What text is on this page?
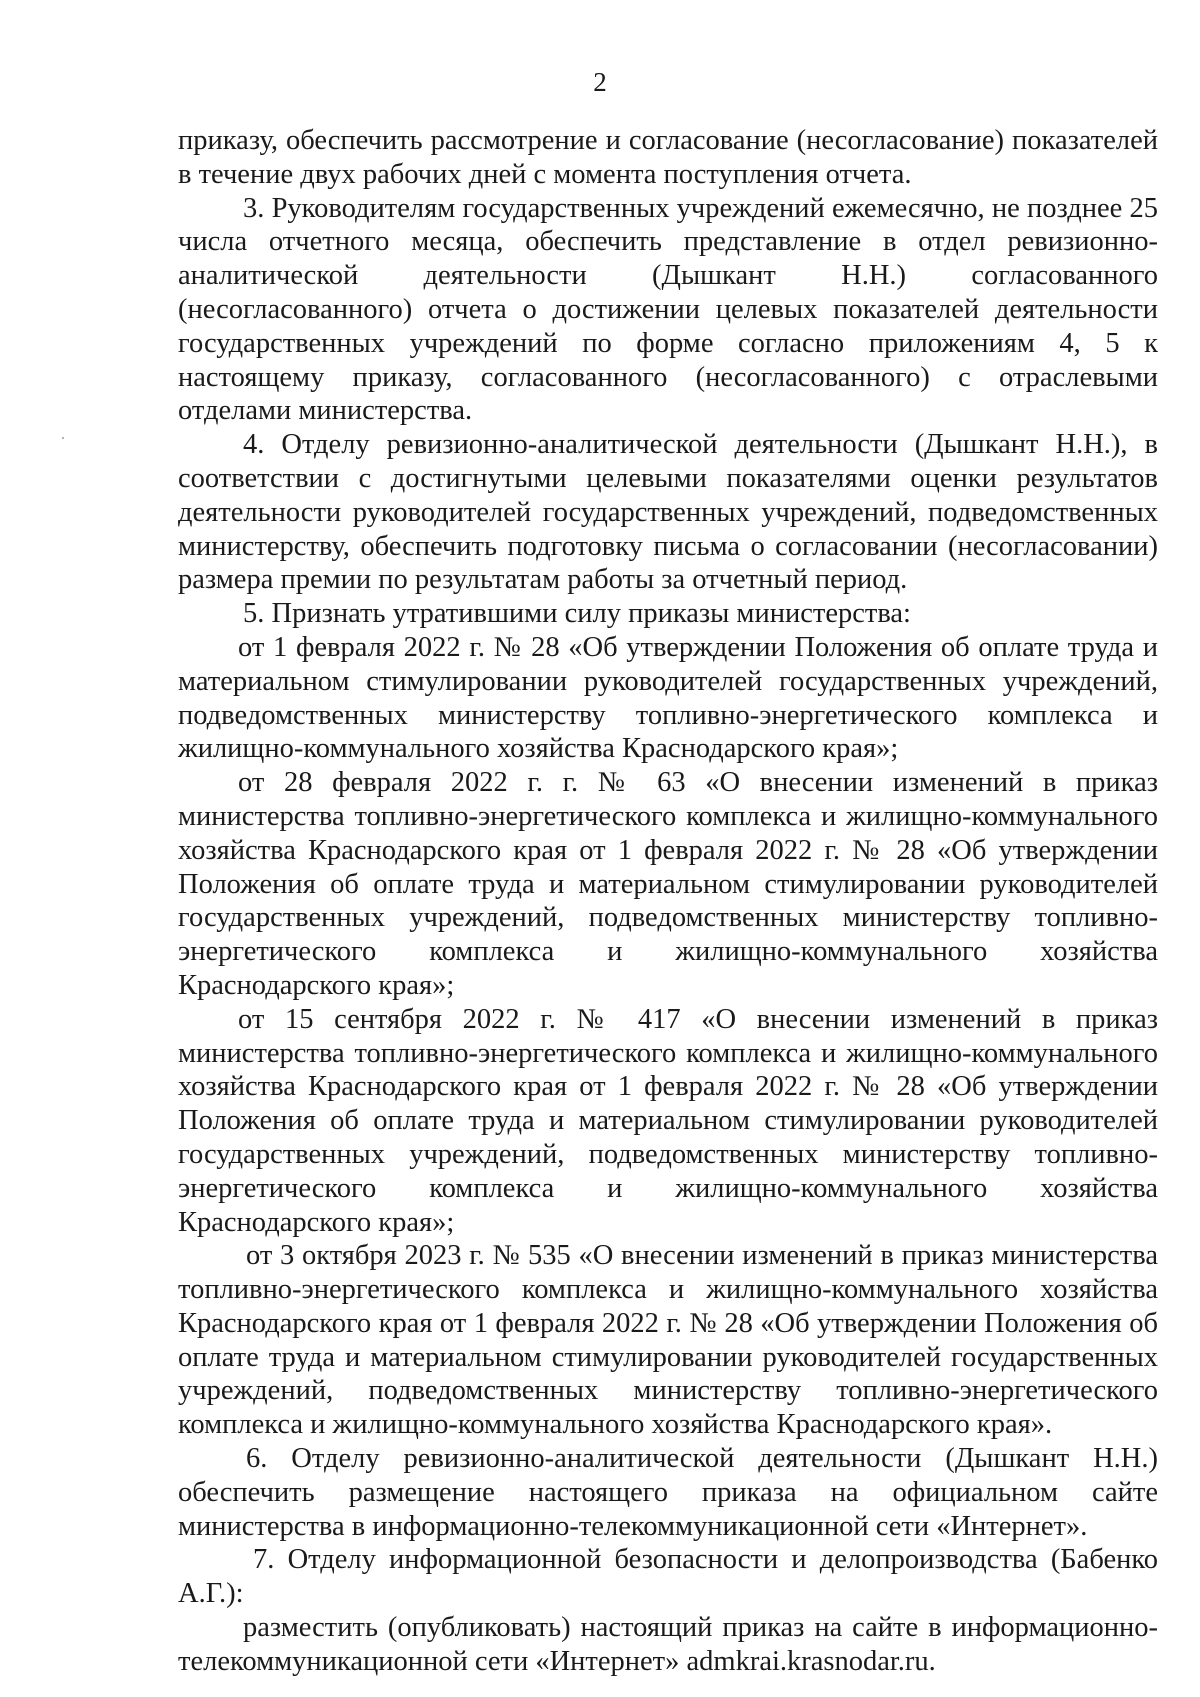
2

приказу, обеспечить рассмотрение и согласование (несогласование) показателей в течение двух рабочих дней с момента поступления отчета.

3. Руководителям государственных учреждений ежемесячно, не позднее 25 числа отчетного месяца, обеспечить представление в отдел ревизионно-аналитической деятельности (Дышкант Н.Н.) согласованного (несогласованного) отчета о достижении целевых показателей деятельности государственных учреждений по форме согласно приложениям 4, 5 к настоящему приказу, согласованного (несогласованного) с отраслевыми отделами министерства.

4. Отделу ревизионно-аналитической деятельности (Дышкант Н.Н.), в соответствии с достигнутыми целевыми показателями оценки результатов деятельности руководителей государственных учреждений, подведомственных министерству, обеспечить подготовку письма о согласовании (несогласовании) размера премии по результатам работы за отчетный период.

5. Признать утратившими силу приказы министерства:

от 1 февраля 2022 г. № 28 «Об утверждении Положения об оплате труда и материальном стимулировании руководителей государственных учреждений, подведомственных министерству топливно-энергетического комплекса и жилищно-коммунального хозяйства Краснодарского края»;

от 28 февраля 2022 г. г. № 63 «О внесении изменений в приказ министерства топливно-энергетического комплекса и жилищно-коммунального хозяйства Краснодарского края от 1 февраля 2022 г. № 28 «Об утверждении Положения об оплате труда и материальном стимулировании руководителей государственных учреждений, подведомственных министерству топливно-энергетического комплекса и жилищно-коммунального хозяйства Краснодарского края»;

от 15 сентября 2022 г. № 417 «О внесении изменений в приказ министерства топливно-энергетического комплекса и жилищно-коммунального хозяйства Краснодарского края от 1 февраля 2022 г. № 28 «Об утверждении Положения об оплате труда и материальном стимулировании руководителей государственных учреждений, подведомственных министерству топливно-энергетического комплекса и жилищно-коммунального хозяйства Краснодарского края»;

от 3 октября 2023 г. № 535 «О внесении изменений в приказ министерства топливно-энергетического комплекса и жилищно-коммунального хозяйства Краснодарского края от 1 февраля 2022 г. № 28 «Об утверждении Положения об оплате труда и материальном стимулировании руководителей государственных учреждений, подведомственных министерству топливно-энергетического комплекса и жилищно-коммунального хозяйства Краснодарского края».

6. Отделу ревизионно-аналитической деятельности (Дышкант Н.Н.) обеспечить размещение настоящего приказа на официальном сайте министерства в информационно-телекоммуникационной сети «Интернет».

7. Отделу информационной безопасности и делопроизводства (Бабенко А.Г.):

разместить (опубликовать) настоящий приказ на сайте в информационно-телекоммуникационной сети «Интернет» admkrai.krasnodar.ru.
